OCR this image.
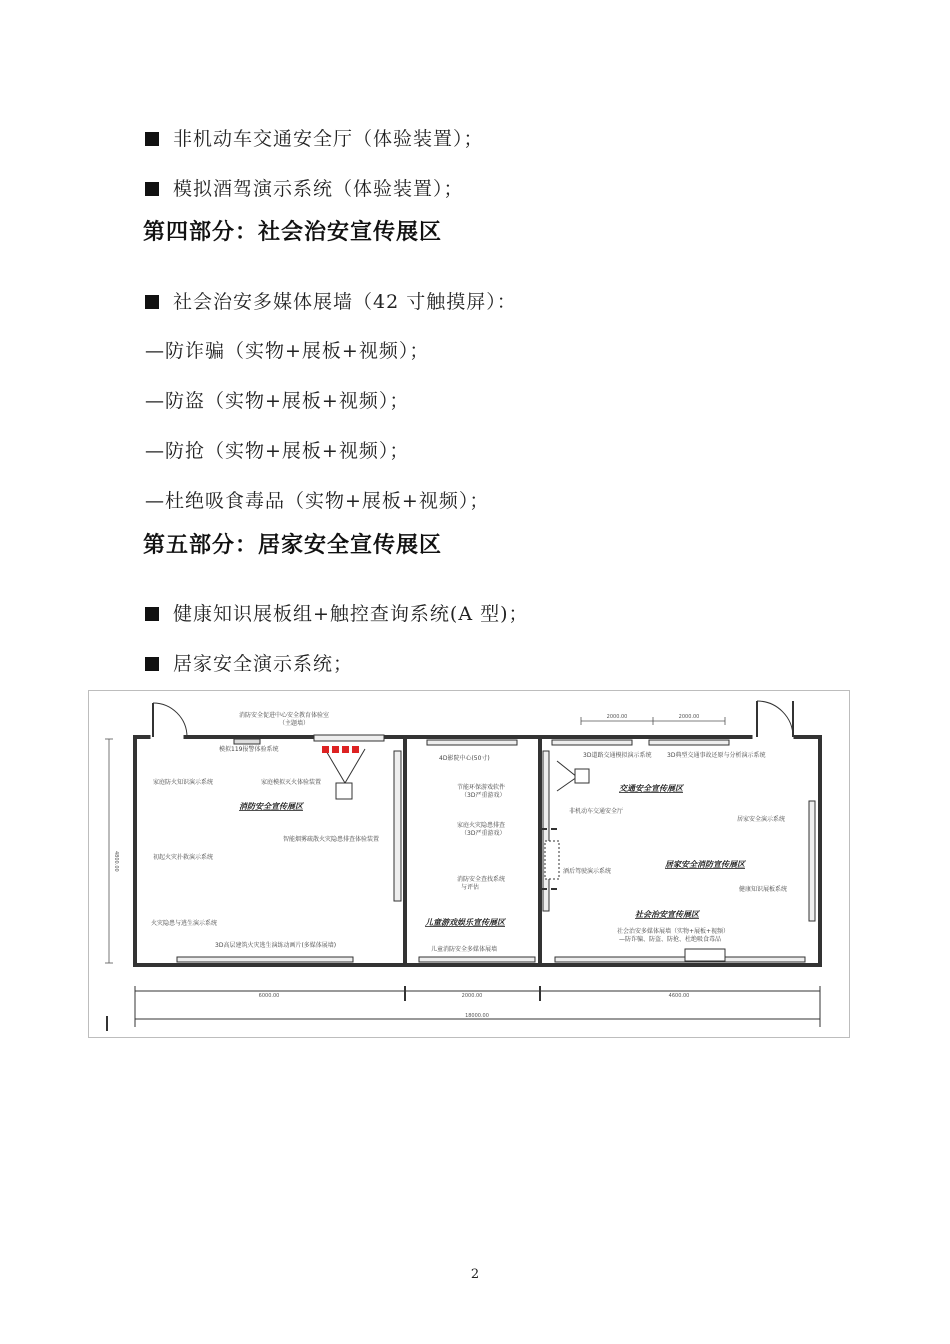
非机动车交通安全厅（体验装置）；
模拟酒驾演示系统（体验装置）；
第四部分：社会治安宣传展区
社会治安多媒体展墙（42 寸触摸屏）：
—防诈骗（实物+展板+视频）；
—防盗（实物+展板+视频）；
—防抢（实物+展板+视频）；
—杜绝吸食毒品（实物+展板+视频）；
第五部分：居家安全宣传展区
健康知识展板组+触控查询系统(A 型)；
居家安全演示系统；
2000.00	2000.00
4800.00
6000.00	2000.00	4600.00
18000.00
消防安全促进中心安全教育体验室
（主题墙）
模拟119报警体验系统
家庭防火知识演示系统	家庭模拟灭火体验装置
智能烟雾疏散火灾隐患排查体验装置
初起火灾扑救演示系统
火灾隐患与逃生演示系统
3D高层建筑火灾逃生演练动画片(多媒体展墙)
4D影院中心(50寸)
节能环保游戏软件
（3D严重游戏）
家庭火灾隐患排查
（3D严重游戏）
消防安全查找系统
与评估
儿童消防安全多媒体展墙
3D道路交通模拟演示系统	3D典型交通事故还原与分析演示系统
非机动车交通安全厅
酒后驾驶演示系统
居家安全演示系统
健康知识展板系统
社会治安多媒体展墙（实物+展板+视频）
—防诈骗、防盗、防抢、杜绝吸食毒品
消防安全宣传展区
儿童游戏娱乐宣传展区
交通安全宣传展区
居家安全消防宣传展区
社会治安宣传展区
2
